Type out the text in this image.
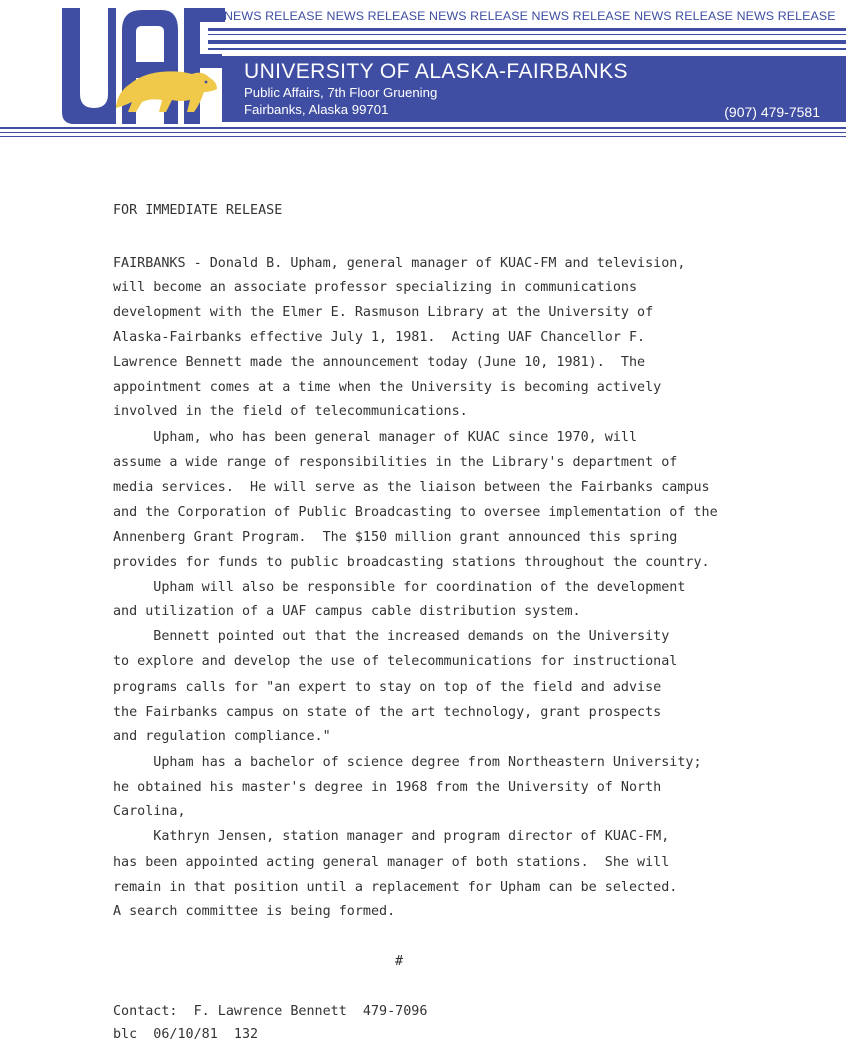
NEWS RELEASE NEWS RELEASE NEWS RELEASE NEWS RELEASE NEWS RELEASE NEWS RELEASE
UNIVERSITY OF ALASKA-FAIRBANKS
Public Affairs, 7th Floor Gruening
Fairbanks, Alaska 99701	(907) 479-7581
FOR IMMEDIATE RELEASE
FAIRBANKS - Donald B. Upham, general manager of KUAC-FM and television,
will become an associate professor specializing in communications
development with the Elmer E. Rasmuson Library at the University of
Alaska-Fairbanks effective July 1, 1981.  Acting UAF Chancellor F.
Lawrence Bennett made the announcement today (June 10, 1981).  The
appointment comes at a time when the University is becoming actively
involved in the field of telecommunications.
Upham, who has been general manager of KUAC since 1970, will
assume a wide range of responsibilities in the Library's department of
media services.  He will serve as the liaison between the Fairbanks campus
and the Corporation of Public Broadcasting to oversee implementation of the
Annenberg Grant Program.  The $150 million grant announced this spring
provides for funds to public broadcasting stations throughout the country.
Upham will also be responsible for coordination of the development
and utilization of a UAF campus cable distribution system.
Bennett pointed out that the increased demands on the University
to explore and develop the use of telecommunications for instructional
programs calls for "an expert to stay on top of the field and advise
the Fairbanks campus on state of the art technology, grant prospects
and regulation compliance."
Upham has a bachelor of science degree from Northeastern University;
he obtained his master's degree in 1968 from the University of North
Carolina,
Kathryn Jensen, station manager and program director of KUAC-FM,
has been appointed acting general manager of both stations.  She will
remain in that position until a replacement for Upham can be selected.
A search committee is being formed.
#
Contact:  F. Lawrence Bennett  479-7096
blc  06/10/81  132
